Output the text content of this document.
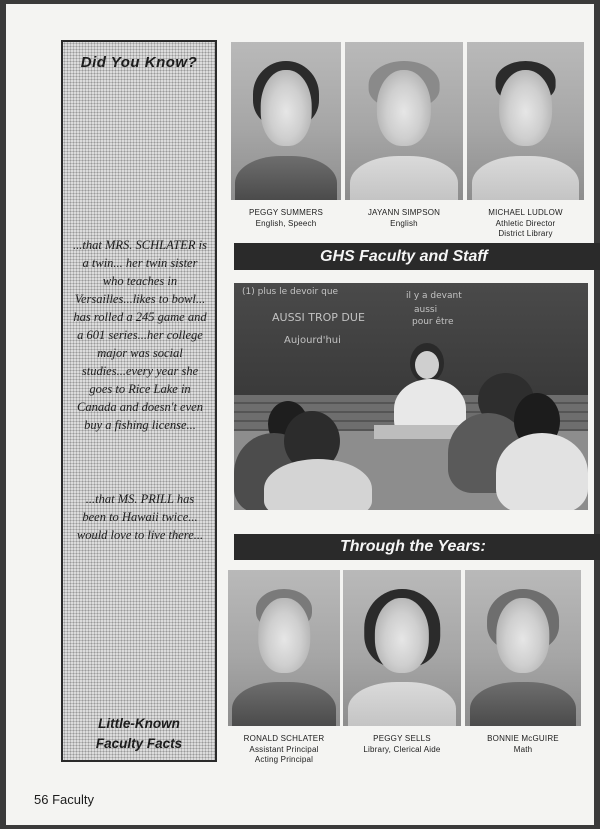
Did You Know?
...that MRS. SCHLATER is a twin... her twin sister who teaches in Versailles...likes to bowl... has rolled a 245 game and a 601 series...her college major was social studies...every year she goes to Rice Lake in Canada and doesn't even buy a fishing license...
...that MS. PRILL has been to Hawaii twice... would love to live there...
Little-Known
Faculty Facts
PEGGY SUMMERS
English, Speech
JAYANN SIMPSON
English
MICHAEL LUDLOW
Athletic Director
District Library
GHS Faculty and Staff
(1) plus le devoir que
AUSSI TROP DUE
Aujourd'hui
il y a devant
aussi
pour être
Through the Years:
RONALD SCHLATER
Assistant Principal
Acting Principal
PEGGY SELLS
Library, Clerical Aide
BONNIE McGUIRE
Math
56 Faculty
